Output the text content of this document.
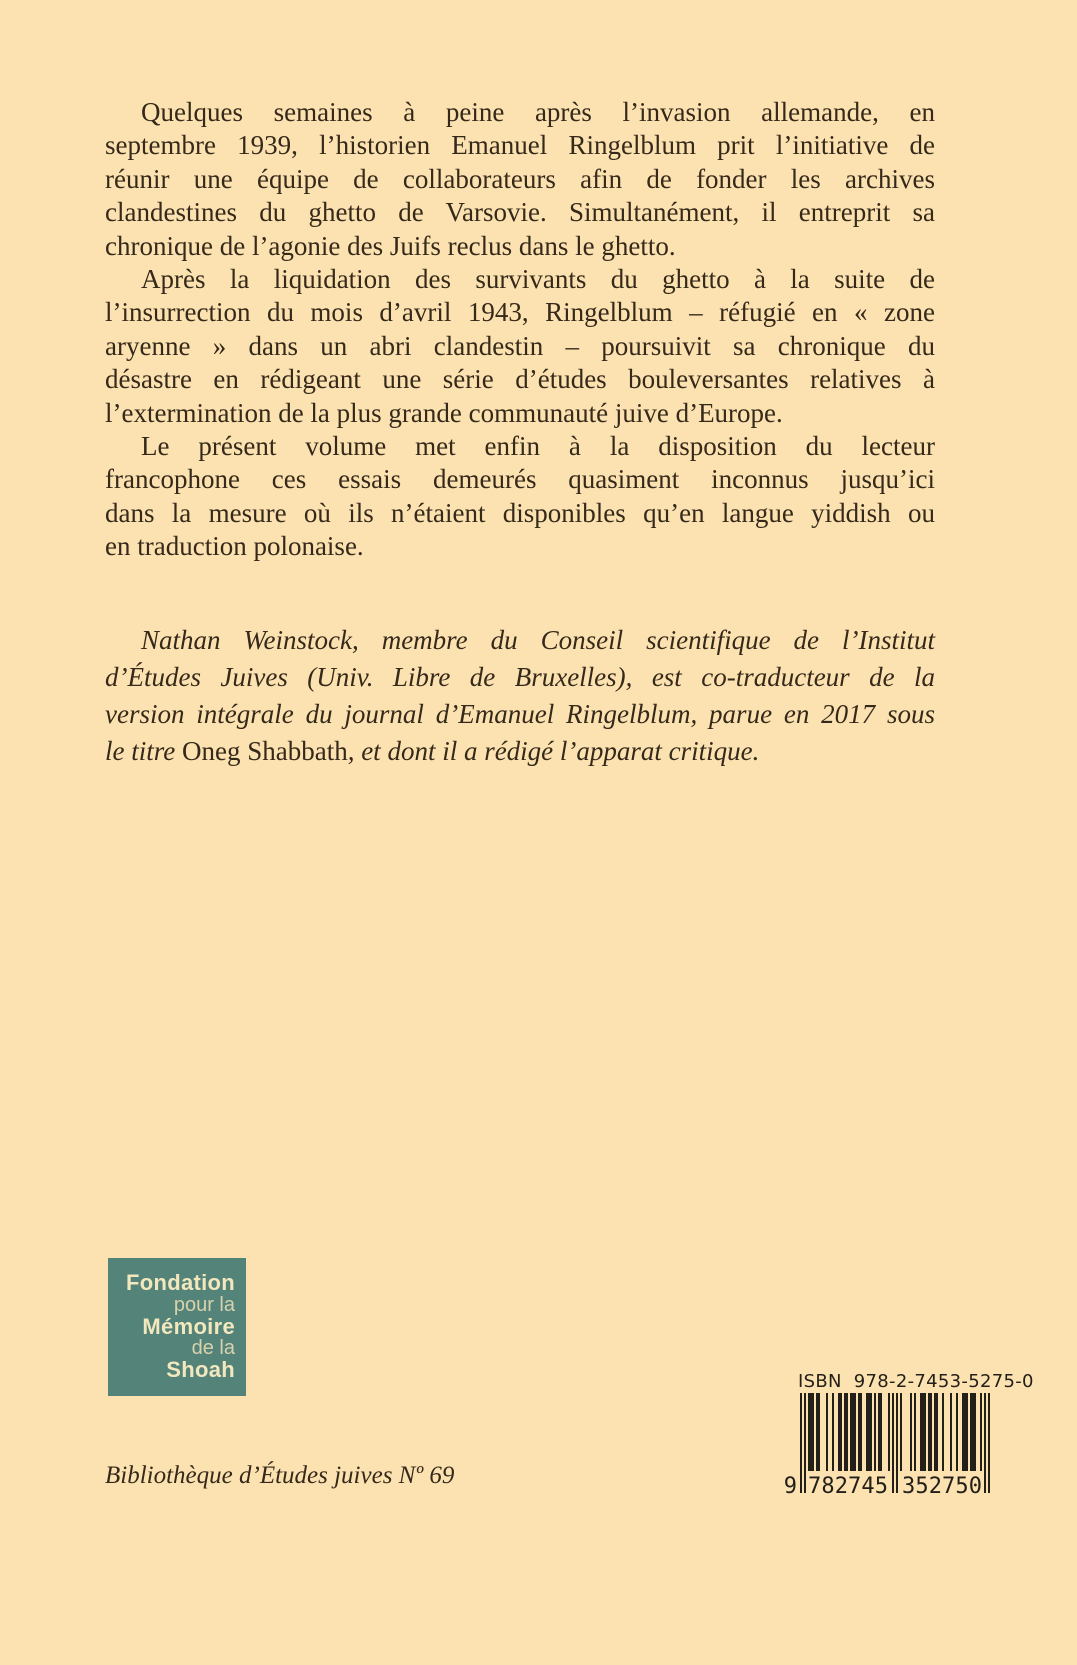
Quelques semaines à peine après l’invasion allemande, en
septembre 1939, l’historien Emanuel Ringelblum prit l’initiative de
réunir une équipe de collaborateurs afin de fonder les archives
clandestines du ghetto de Varsovie. Simultanément, il entreprit sa
chronique de l’agonie des Juifs reclus dans le ghetto.
Après la liquidation des survivants du ghetto à la suite de
l’insurrection du mois d’avril 1943, Ringelblum – réfugié en « zone
aryenne » dans un abri clandestin – poursuivit sa chronique du
désastre en rédigeant une série d’études bouleversantes relatives à
l’extermination de la plus grande communauté juive d’Europe.
Le présent volume met enfin à la disposition du lecteur
francophone ces essais demeurés quasiment inconnus jusqu’ici
dans la mesure où ils n’étaient disponibles qu’en langue yiddish ou
en traduction polonaise.
Nathan Weinstock, membre du Conseil scientifique de l’Institut
d’Études Juives (Univ. Libre de Bruxelles), est co-traducteur de la
version intégrale du journal d’Emanuel Ringelblum, parue en 2017 sous
le titre Oneg Shabbath, et dont il a rédigé l’apparat critique.
Fondation
pour la
Mémoire
de la
Shoah
Bibliothèque d’Études juives Nº 69
ISBN  978-2-7453-5275-0
9 782745 352750
